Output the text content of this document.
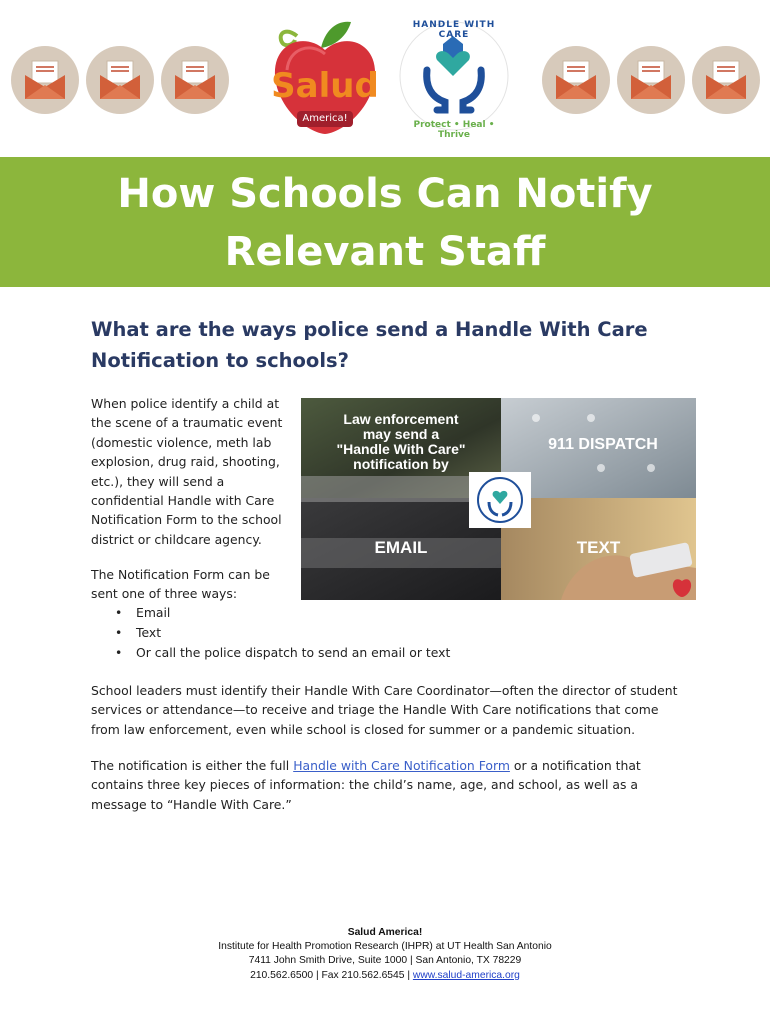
Salud
America!
HANDLE WITH CARE
Protect • Heal • Thrive
How Schools Can Notify
Relevant Staff
What are the ways police send a Handle With Care
Notification to schools?
When police identify a child at
the scene of a traumatic event
(domestic violence, meth lab
explosion, drug raid, shooting,
etc.), they will send a
confidential Handle with Care
Notification Form to the school
district or childcare agency.
The Notification Form can be
sent one of three ways:
• Email
• Text
• Or call the police dispatch to send an email or text
Law enforcement
may send a
"Handle With Care"
notification by
911 DISPATCH
EMAIL	TEXT
School leaders must identify their Handle With Care Coordinator—often the director of student
services or attendance—to receive and triage the Handle With Care notifications that come
from law enforcement, even while school is closed for summer or a pandemic situation.
The notification is either the full Handle with Care Notification Form or a notification that
contains three key pieces of information: the child’s name, age, and school, as well as a
message to “Handle With Care.”
Salud America!
Institute for Health Promotion Research (IHPR) at UT Health San Antonio
7411 John Smith Drive, Suite 1000 | San Antonio, TX 78229
210.562.6500 | Fax 210.562.6545 | www.salud-america.org
